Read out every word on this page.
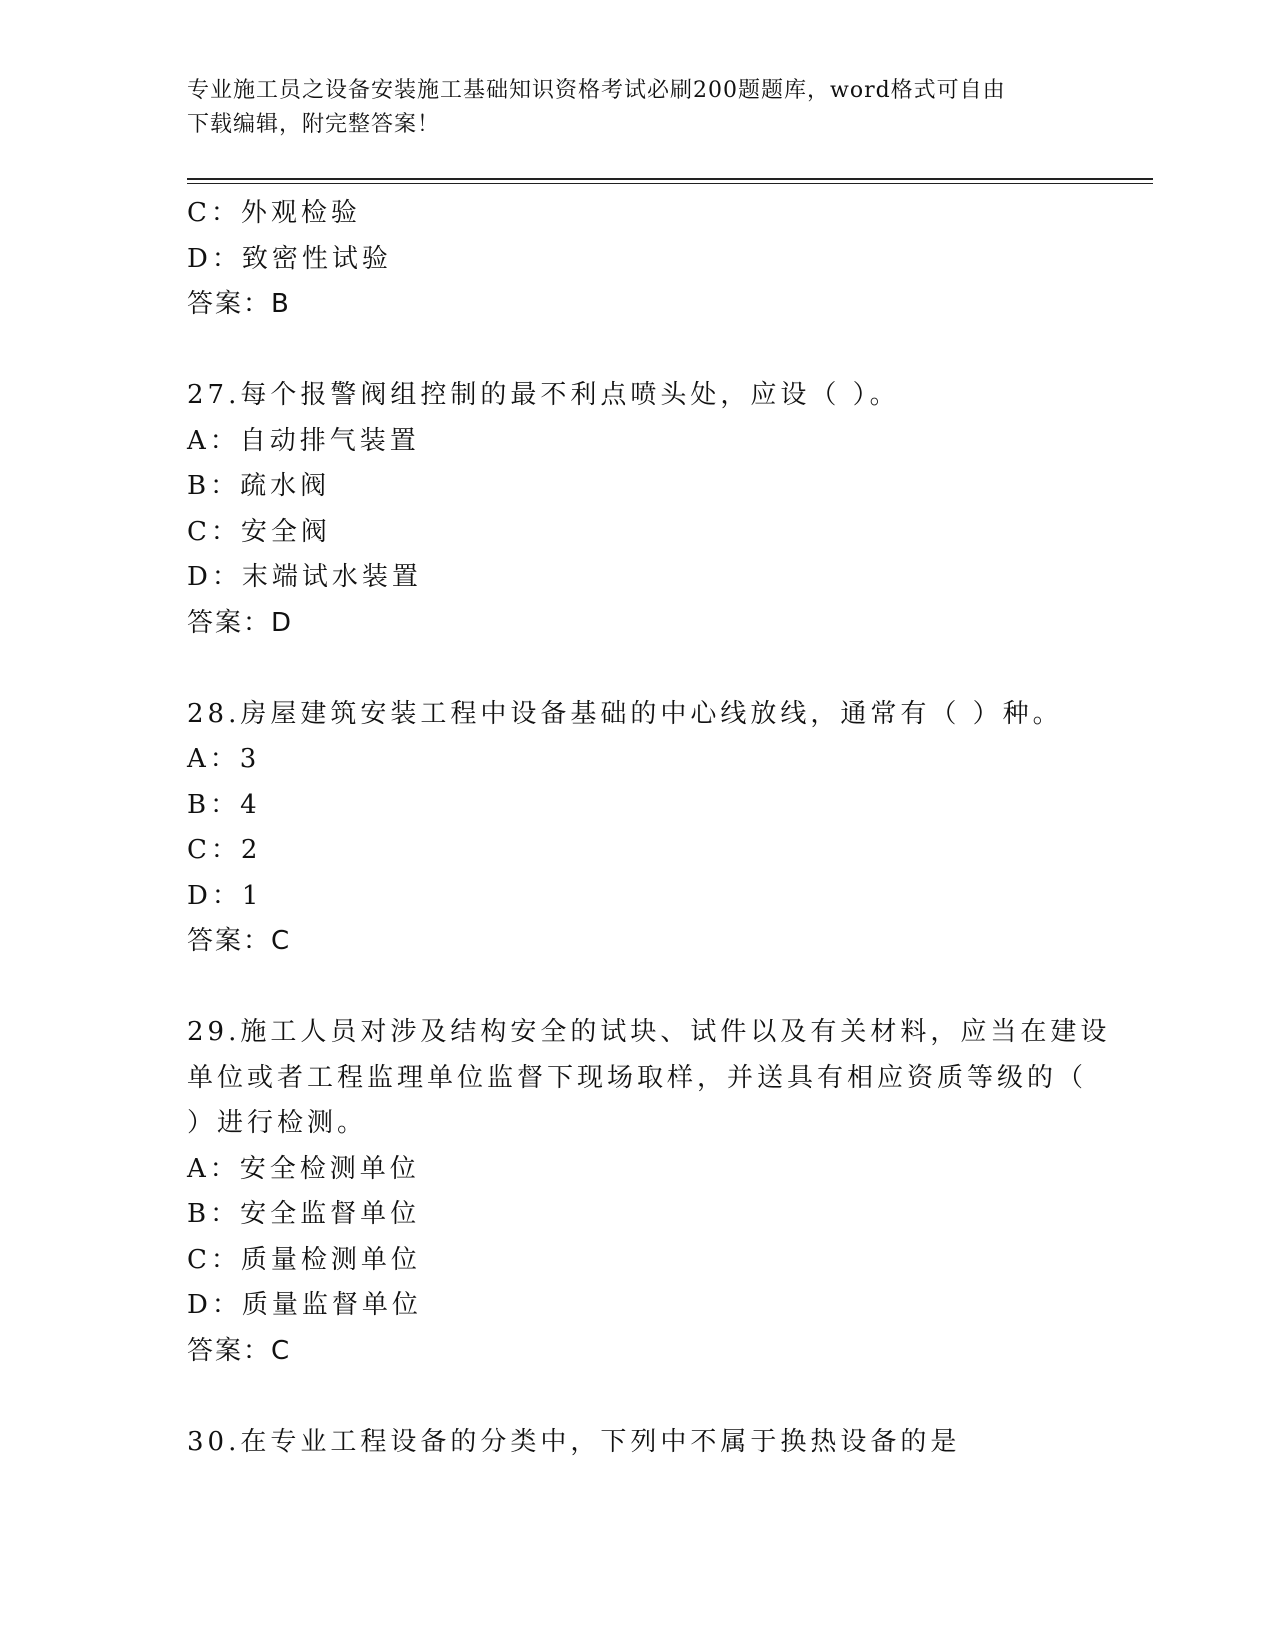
专业施工员之设备安装施工基础知识资格考试必刷200题题库，word格式可自由
下载编辑，附完整答案！
C：外观检验
D：致密性试验
答案：B
27.每个报警阀组控制的最不利点喷头处，应设（ ）。
A：自动排气装置
B：疏水阀
C：安全阀
D：末端试水装置
答案：D
28.房屋建筑安装工程中设备基础的中心线放线，通常有（ ）种。
A：3
B：4
C：2
D：1
答案：C
29.施工人员对涉及结构安全的试块、试件以及有关材料，应当在建设
单位或者工程监理单位监督下现场取样，并送具有相应资质等级的（
）进行检测。
A：安全检测单位
B：安全监督单位
C：质量检测单位
D：质量监督单位
答案：C
30.在专业工程设备的分类中，下列中不属于换热设备的是
